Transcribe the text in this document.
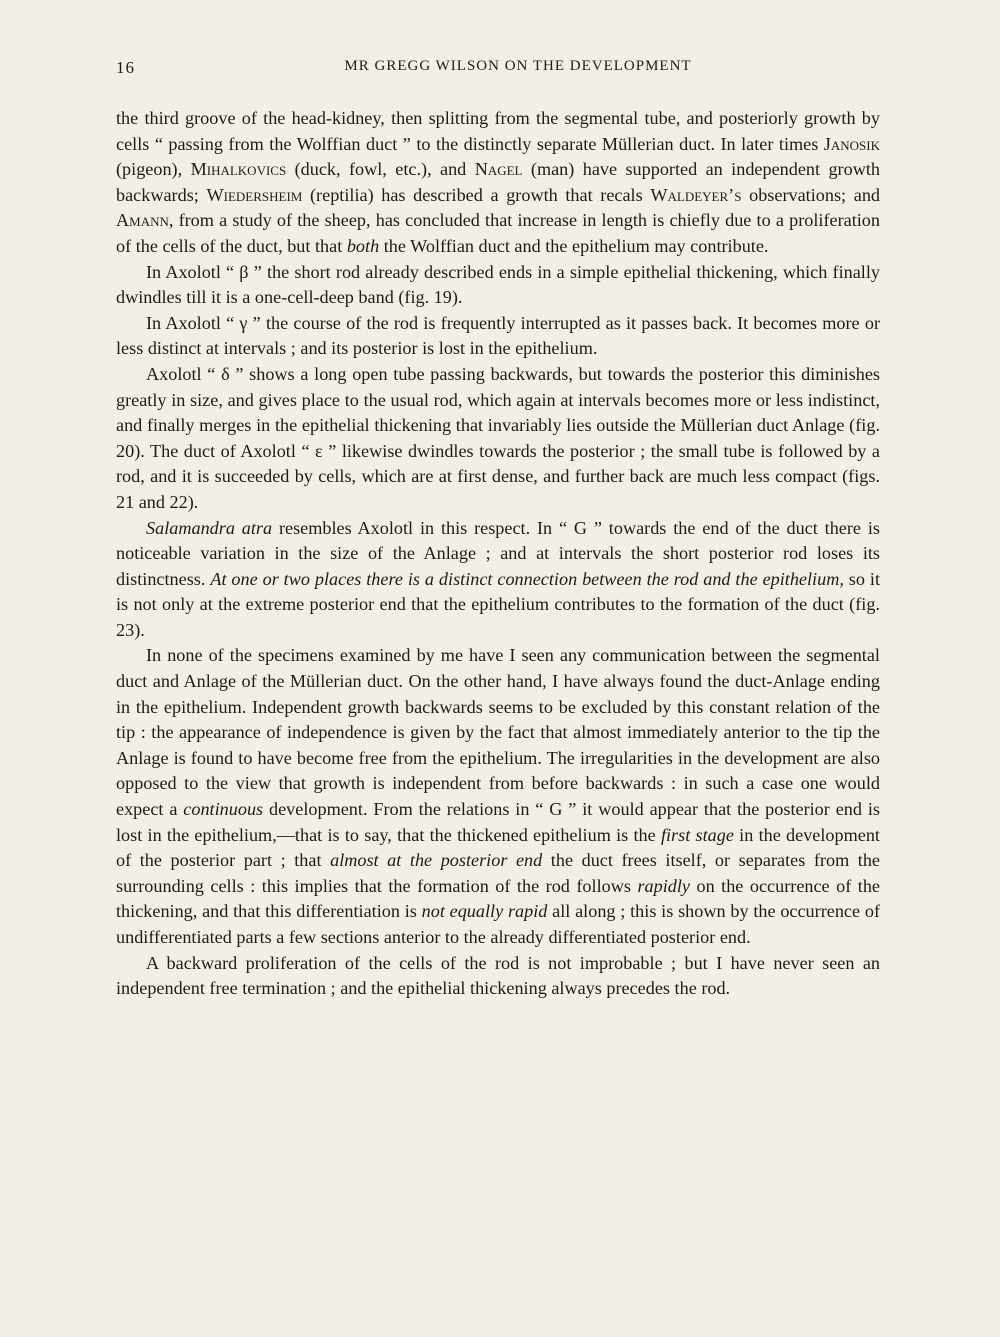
16	MR GREGG WILSON ON THE DEVELOPMENT

the third groove of the head-kidney, then splitting from the segmental tube, and posteriorly growth by cells “ passing from the Wolffian duct ” to the distinctly separate Müllerian duct. In later times Janosik (pigeon), Mihalkovics (duck, fowl, etc.), and Nagel (man) have supported an independent growth backwards; Wiedersheim (reptilia) has described a growth that recals Waldeyer’s observations; and Amann, from a study of the sheep, has concluded that increase in length is chiefly due to a proliferation of the cells of the duct, but that both the Wolffian duct and the epithelium may contribute.

In Axolotl “ β ” the short rod already described ends in a simple epithelial thickening, which finally dwindles till it is a one-cell-deep band (fig. 19).

In Axolotl “ γ ” the course of the rod is frequently interrupted as it passes back. It becomes more or less distinct at intervals ; and its posterior is lost in the epithelium.

Axolotl “ δ ” shows a long open tube passing backwards, but towards the posterior this diminishes greatly in size, and gives place to the usual rod, which again at intervals becomes more or less indistinct, and finally merges in the epithelial thickening that invariably lies outside the Müllerian duct Anlage (fig. 20). The duct of Axolotl “ ε ” likewise dwindles towards the posterior ; the small tube is followed by a rod, and it is succeeded by cells, which are at first dense, and further back are much less compact (figs. 21 and 22).

Salamandra atra resembles Axolotl in this respect. In “ G ” towards the end of the duct there is noticeable variation in the size of the Anlage ; and at intervals the short posterior rod loses its distinctness. At one or two places there is a distinct connection between the rod and the epithelium, so it is not only at the extreme posterior end that the epithelium contributes to the formation of the duct (fig. 23).

In none of the specimens examined by me have I seen any communication between the segmental duct and Anlage of the Müllerian duct. On the other hand, I have always found the duct-Anlage ending in the epithelium. Independent growth backwards seems to be excluded by this constant relation of the tip : the appearance of independence is given by the fact that almost immediately anterior to the tip the Anlage is found to have become free from the epithelium. The irregularities in the development are also opposed to the view that growth is independent from before backwards : in such a case one would expect a continuous development. From the relations in “ G ” it would appear that the posterior end is lost in the epithelium,—that is to say, that the thickened epithelium is the first stage in the development of the posterior part ; that almost at the posterior end the duct frees itself, or separates from the surrounding cells : this implies that the formation of the rod follows rapidly on the occurrence of the thickening, and that this differentiation is not equally rapid all along ; this is shown by the occurrence of undifferentiated parts a few sections anterior to the already differentiated posterior end.

A backward proliferation of the cells of the rod is not improbable ; but I have never seen an independent free termination ; and the epithelial thickening always precedes the rod.
